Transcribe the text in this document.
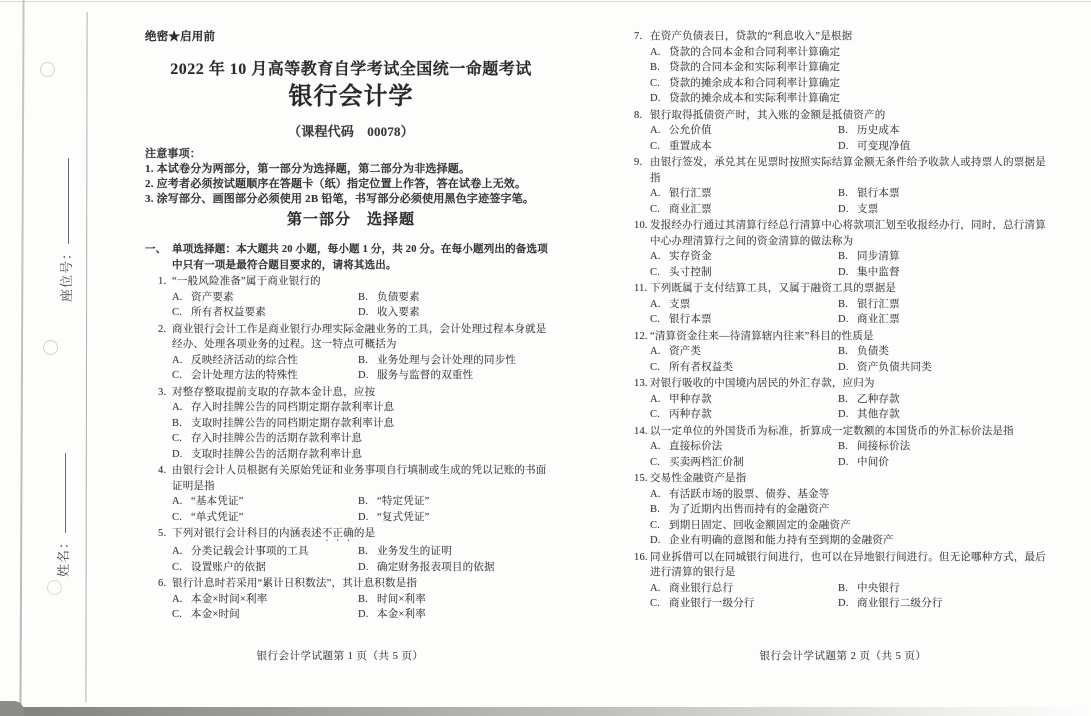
座位号：
姓名：
绝密★启用前
2022 年 10 月高等教育自学考试全国统一命题考试
银行会计学
（课程代码　00078）
注意事项：
1. 本试卷分为两部分，第一部分为选择题，第二部分为非选择题。
2. 应考者必须按试题顺序在答题卡（纸）指定位置上作答，答在试卷上无效。
3. 涂写部分、画图部分必须使用 2B 铅笔，书写部分必须使用黑色字迹签字笔。
第一部分　选择题
一、 单项选择题：本大题共 20 小题，每小题 1 分，共 20 分。在每小题列出的备选项中只有一项是最符合题目要求的，请将其选出。
1. “一般风险准备”属于商业银行的
A. 资产要素	B. 负债要素
C. 所有者权益要素	D. 收入要素
2. 商业银行会计工作是商业银行办理实际金融业务的工具，会计处理过程本身就是经办、处理各项业务的过程。这一特点可概括为
A. 反映经济活动的综合性	B. 业务处理与会计处理的同步性
C. 会计处理方法的特殊性	D. 服务与监督的双重性
3. 对整存整取提前支取的存款本金计息，应按
A. 存入时挂牌公告的同档期定期存款利率计息
B. 支取时挂牌公告的同档期定期存款利率计息
C. 存入时挂牌公告的活期存款利率计息
D. 支取时挂牌公告的活期存款利率计息
4. 由银行会计人员根据有关原始凭证和业务事项自行填制或生成的凭以记账的书面证明是指
A. “基本凭证”	B. “特定凭证”
C. “单式凭证”	D. “复式凭证”
5. 下列对银行会计科目的内涵表述不正确的是
A. 分类记载会计事项的工具	B. 业务发生的证明
C. 设置账户的依据	D. 确定财务报表项目的依据
6. 银行计息时若采用“累计日积数法”，其计息积数是指
A. 本金×时间×利率	B. 时间×利率
C. 本金×时间	D. 本金×利率
7. 在资产负债表日，贷款的“利息收入”是根据
A. 贷款的合同本金和合同利率计算确定
B. 贷款的合同本金和实际利率计算确定
C. 贷款的摊余成本和合同利率计算确定
D. 贷款的摊余成本和实际利率计算确定
8. 银行取得抵债资产时，其入账的金额是抵债资产的
A. 公允价值	B. 历史成本
C. 重置成本	D. 可变现净值
9. 由银行签发，承兑其在见票时按照实际结算金额无条件给予收款人或持票人的票据是指
A. 银行汇票	B. 银行本票
C. 商业汇票	D. 支票
10. 发报经办行通过其清算行经总行清算中心将款项汇划至收报经办行，同时，总行清算中心办理清算行之间的资金清算的做法称为
A. 实存资金	B. 同步清算
C. 头寸控制	D. 集中监督
11. 下列既属于支付结算工具，又属于融资工具的票据是
A. 支票	B. 银行汇票
C. 银行本票	D. 商业汇票
12. “清算资金往来—待清算辖内往来”科目的性质是
A. 资产类	B. 负债类
C. 所有者权益类	D. 资产负债共同类
13. 对银行吸收的中国境内居民的外汇存款，应归为
A. 甲种存款	B. 乙种存款
C. 丙种存款	D. 其他存款
14. 以一定单位的外国货币为标准，折算成一定数额的本国货币的外汇标价法是指
A. 直接标价法	B. 间接标价法
C. 买卖两档汇价制	D. 中间价
15. 交易性金融资产是指
A. 有活跃市场的股票、债券、基金等
B. 为了近期内出售而持有的金融资产
C. 到期日固定、回收金额固定的金融资产
D. 企业有明确的意图和能力持有至到期的金融资产
16. 同业拆借可以在同城银行间进行，也可以在异地银行间进行。但无论哪种方式，最后进行清算的银行是
A. 商业银行总行	B. 中央银行
C. 商业银行一级分行	D. 商业银行二级分行
银行会计学试题第 1 页（共 5 页）	银行会计学试题第 2 页（共 5 页）
